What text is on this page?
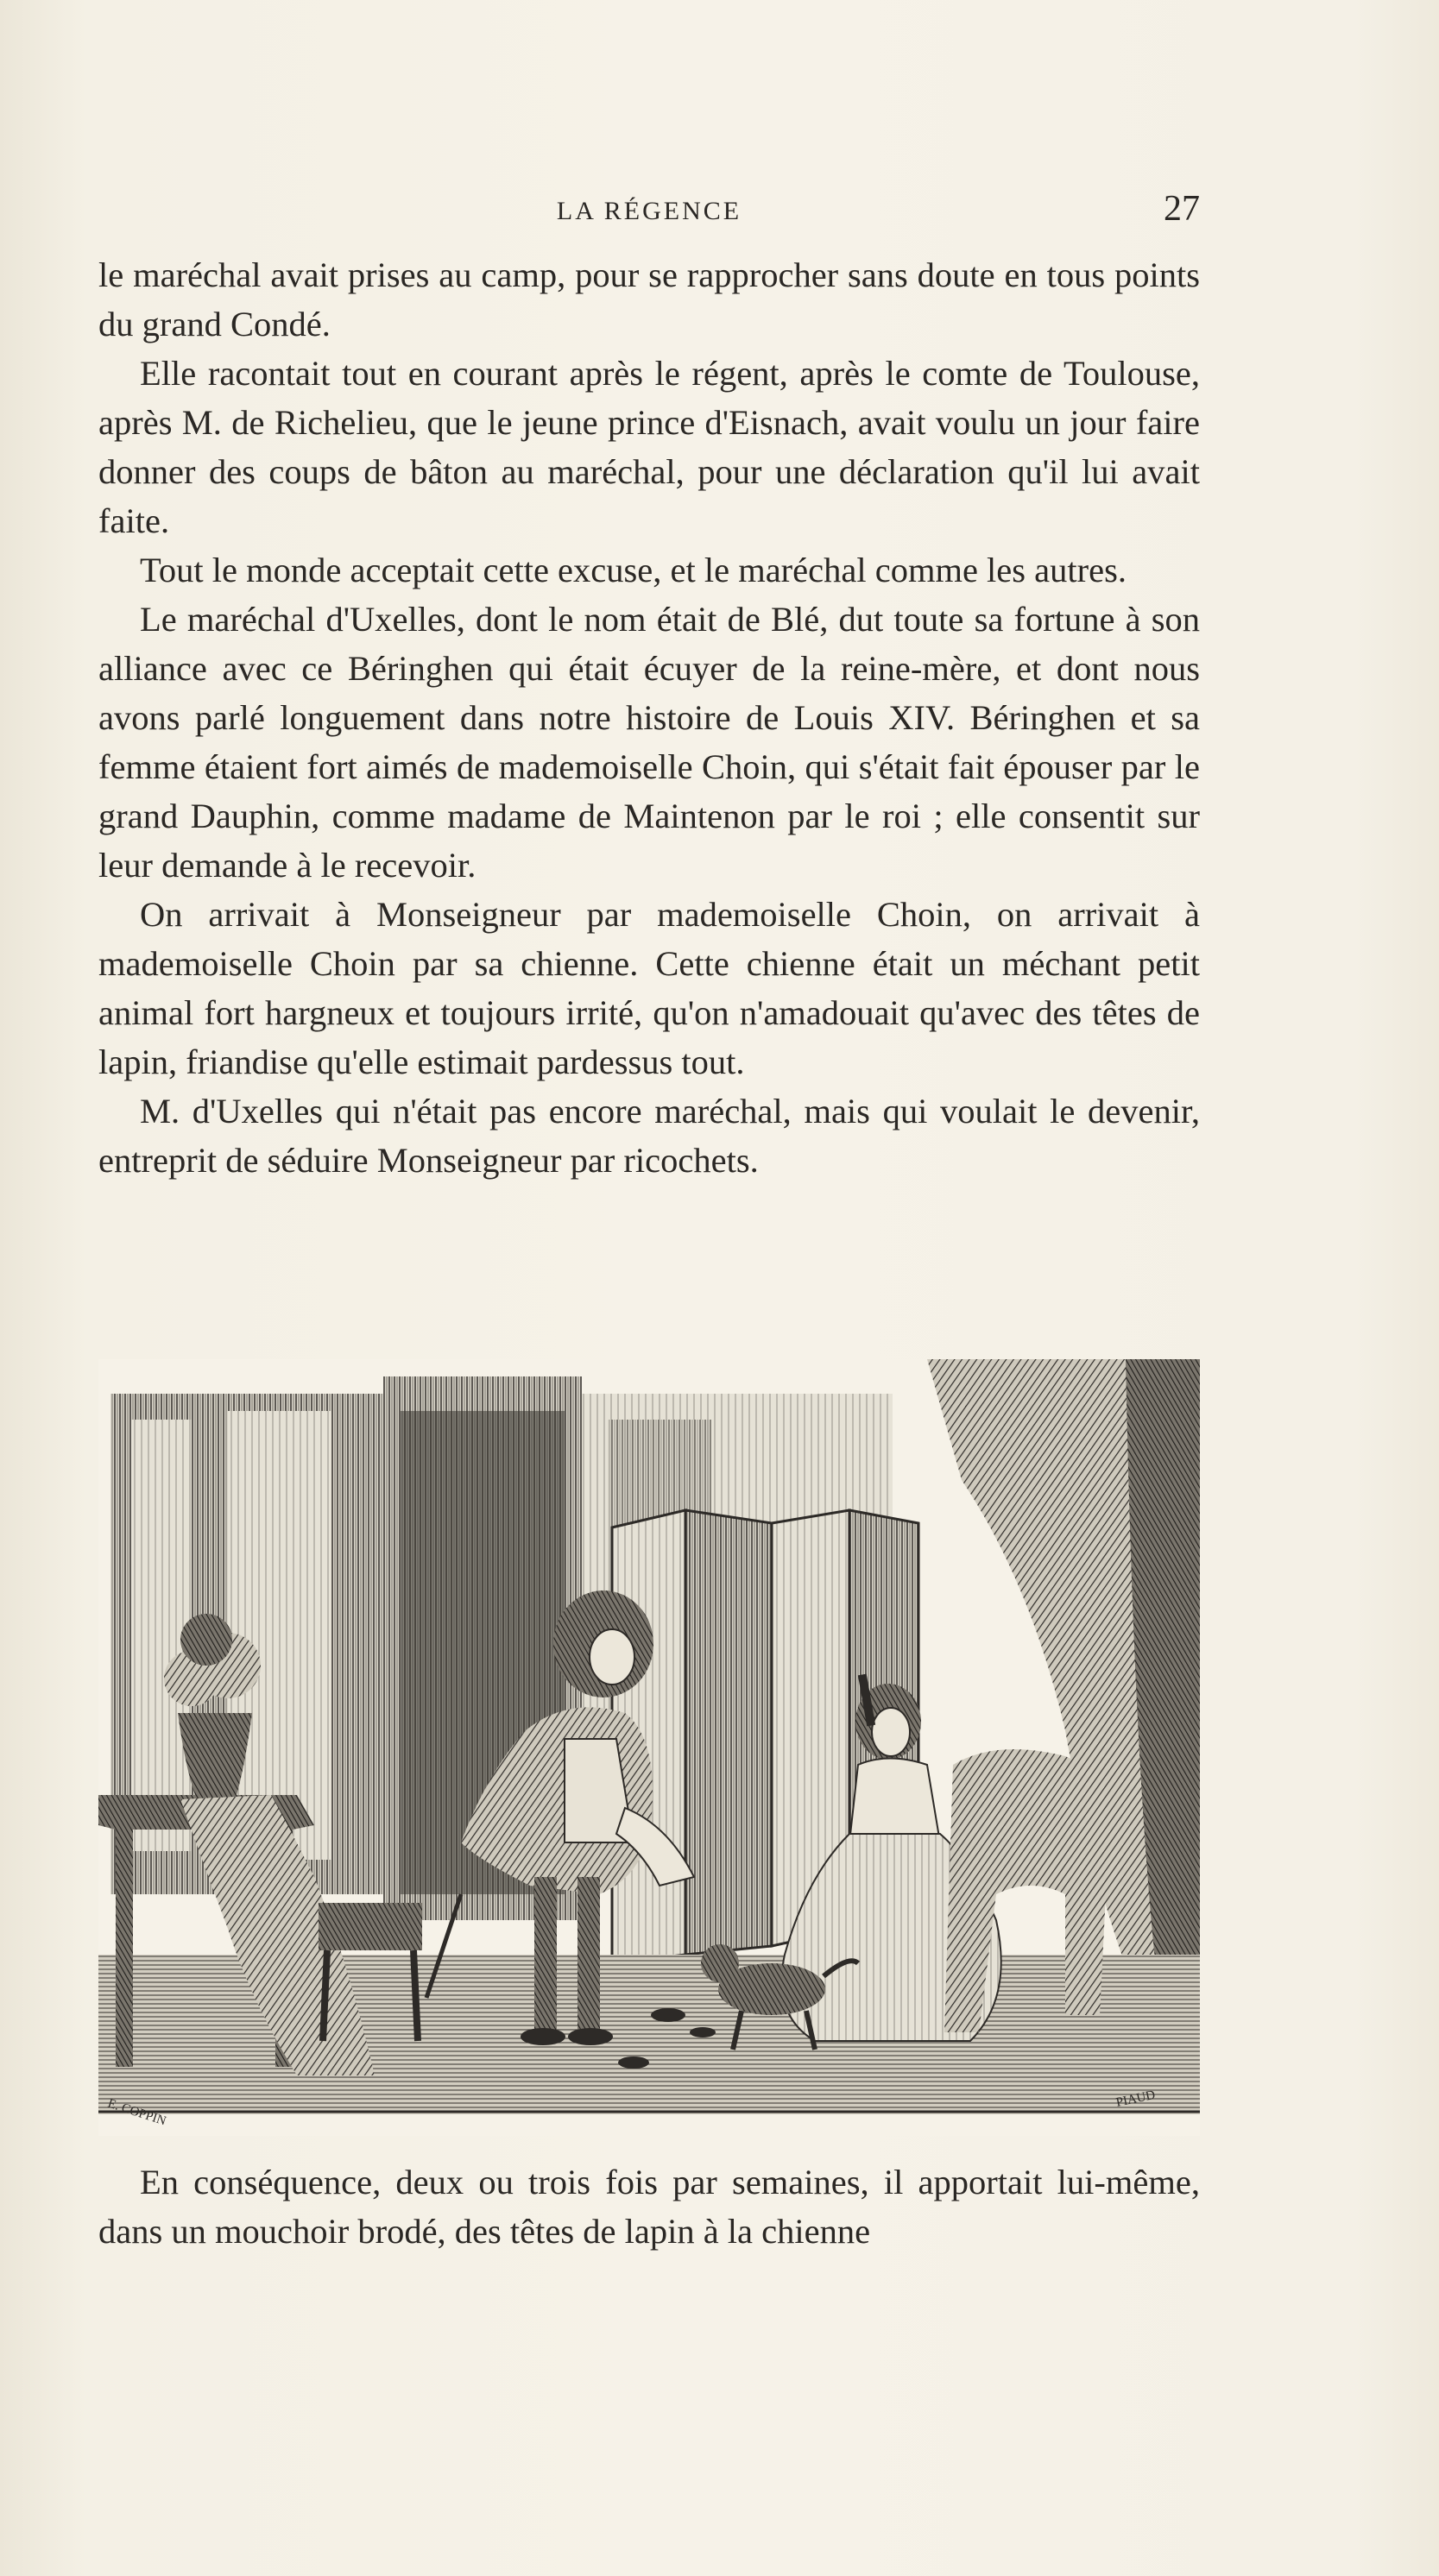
LA RÉGENCE	27

le maréchal avait prises au camp, pour se rapprocher sans doute en tous points du grand Condé.

Elle racontait tout en courant après le régent, après le comte de Toulouse, après M. de Richelieu, que le jeune prince d'Eisnach, avait voulu un jour faire donner des coups de bâton au maréchal, pour une déclaration qu'il lui avait faite.

Tout le monde acceptait cette excuse, et le maréchal comme les autres.

Le maréchal d'Uxelles, dont le nom était de Blé, dut toute sa fortune à son alliance avec ce Béringhen qui était écuyer de la reine-mère, et dont nous avons parlé longuement dans notre histoire de Louis XIV. Béringhen et sa femme étaient fort aimés de mademoiselle Choin, qui s'était fait épouser par le grand Dauphin, comme madame de Maintenon par le roi ; elle consentit sur leur demande à le recevoir.

On arrivait à Monseigneur par mademoiselle Choin, on arrivait à mademoiselle Choin par sa chienne. Cette chienne était un méchant petit animal fort hargneux et toujours irrité, qu'on n'amadouait qu'avec des têtes de lapin, friandise qu'elle estimait pardessus tout.

M. d'Uxelles qui n'était pas encore maréchal, mais qui voulait le devenir, entreprit de séduire Monseigneur par ricochets.

E. COPPIN	PIAUD

En conséquence, deux ou trois fois par semaines, il apportait lui-même, dans un mouchoir brodé, des têtes de lapin à la chienne
